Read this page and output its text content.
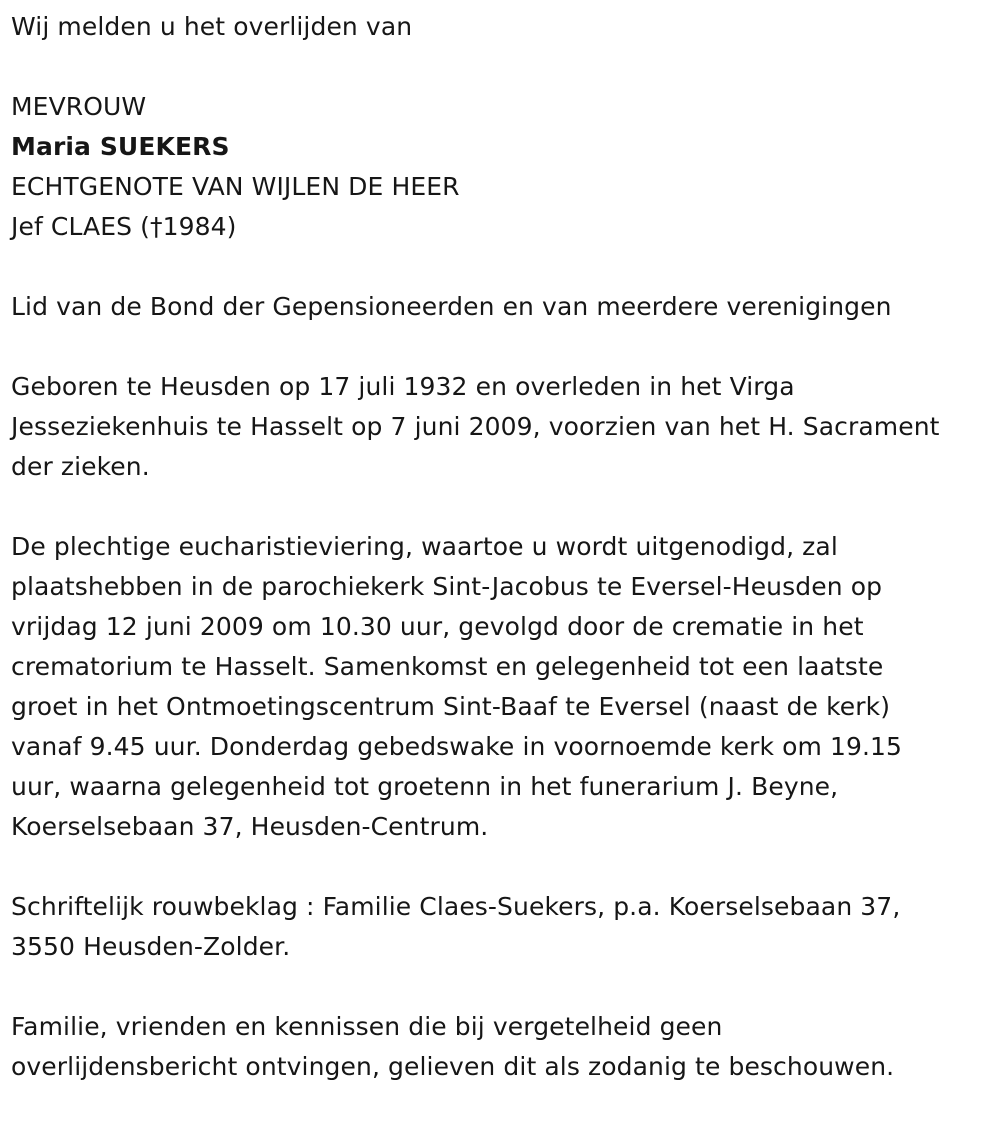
Wij melden u het overlijden van
MEVROUW
Maria SUEKERS
ECHTGENOTE VAN WIJLEN DE HEER
Jef CLAES (†1984)
Lid van de Bond der Gepensioneerden en van meerdere verenigingen
Geboren te Heusden op 17 juli 1932 en overleden in het Virga
Jesseziekenhuis te Hasselt op 7 juni 2009, voorzien van het H. Sacrament
der zieken.
De plechtige eucharistieviering, waartoe u wordt uitgenodigd, zal
plaatshebben in de parochiekerk Sint-Jacobus te Eversel-Heusden op
vrijdag 12 juni 2009 om 10.30 uur, gevolgd door de crematie in het
crematorium te Hasselt. Samenkomst en gelegenheid tot een laatste
groet in het Ontmoetingscentrum Sint-Baaf te Eversel (naast de kerk)
vanaf 9.45 uur. Donderdag gebedswake in voornoemde kerk om 19.15
uur, waarna gelegenheid tot groetenn in het funerarium J. Beyne,
Koerselsebaan 37, Heusden-Centrum.
Schriftelijk rouwbeklag : Familie Claes-Suekers, p.a. Koerselsebaan 37,
3550 Heusden-Zolder.
Familie, vrienden en kennissen die bij vergetelheid geen
overlijdensbericht ontvingen, gelieven dit als zodanig te beschouwen.
